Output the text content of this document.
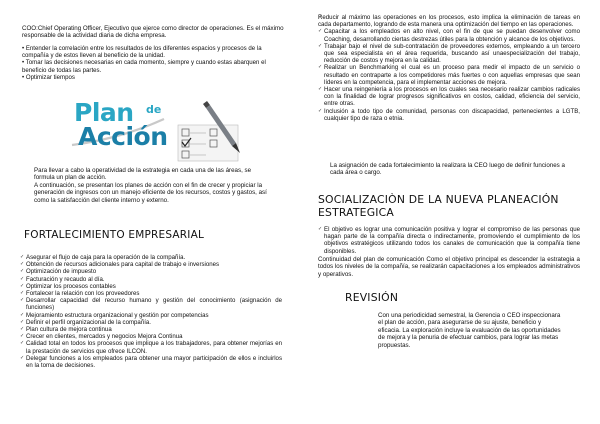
COO:Chief Operating Officer, Ejecutivo que ejerce como director de operaciones. Es el máximo responsable de la actividad diaria de dicha empresa.

• Entender la correlación entre los resultados de los diferentes espacios y procesos de la compañía y de estos lleven al beneficio de la unidad.
• Tomar las decisiones necesarias en cada momento, siempre y cuando estas abarquen el beneficio de todas las partes.
• Optimizar tiempos
Plan de
Acción

Para llevar a cabo la operatividad de la estrategia en cada una de las áreas, se formula un plan de acción.

A continuación, se presentan los planes de acción con el fin de crecer y propiciar la generación de ingresos con un manejo eficiente de los recursos, costos y gastos, así como la satisfacción del cliente interno y externo.

FORTALECIMIENTO EMPRESARIAL
✓ Asegurar el flujo de caja para la operación de la compañía.
✓ Obtención de recursos adicionales para capital de trabajo e inversiones
✓ Optimización de impuesto
✓ Facturación y recaudo al día.
✓ Optimizar los procesos contables
✓ Fortalecer la relación con los proveedores
✓ Desarrollar capacidad del recurso humano y gestión del conocimiento (asignación de funciones)
✓ Mejoramiento estructura organizacional y gestión por competencias
✓ Definir el perfil organizacional de la compañía.
✓ Plan cultura de mejora continua
✓ Crecer en clientes, mercados y negocios Mejora Continua
✓ Calidad total en todos los procesos que implique a los trabajadores, para obtener mejorías en la prestación de servicios que ofrece ILCON.
✓ Delegar funciones a los empleados para obtener una mayor participación de ellos e incluirlos en la toma de decisiones.
✓ Reducir al máximo las operaciones en los procesos, esto implica la eliminación de tareas en cada departamento, logrando de esta manera una optimización del tiempo en las operaciones.
✓ Capacitar a los empleados en alto nivel, con el fin de que se puedan desenvolver como Coaching, desarrollando ciertas destrezas útiles para la obtención y alcance de los objetivos.
✓ Trabajar bajo el nivel de sub-contratación de proveedores externos, empleando a un tercero que sea especialista en el área requerida, buscando así unaespecialización del trabajo, reducción de costos y mejora en la calidad.
✓ Realizar un Benchmarking el cual es un proceso para medir el impacto de un servicio o resultado en contraparte a los competidores más fuertes o con aquellas empresas que sean líderes en la competencia, para el implementar acciones de mejora.
✓ Hacer una reingeniería a los procesos en los cuales sea necesario realizar cambios radicales con la finalidad de lograr progresos significativos en costos, calidad, eficiencia del servicio, entre otras.
✓ Inclusión a todo tipo de comunidad, personas con discapacidad, pertenecientes a LGTB, cualquier tipo de raza o etnia.

La asignación de cada fortalecimiento la realizara la CEO luego de definir funciones a cada área o cargo.

SOCIALIZACIÒN DE LA NUEVA PLANEACIÓN
ESTRATEGICA
✓ El objetivo es lograr una comunicación positiva y lograr el compromiso de las personas que hagan parte de la compañía directa o indirectamente, promoviendo el cumplimiento de los objetivos estratégicos utilizando todos los canales de comunicación que la compañía tiene disponibles.

Continuidad del plan de comunicación Como el objetivo principal es descender la estrategia a todos los niveles de la compañía, se realizarán capacitaciones a los empleados administrativos y operativos.

REVISIÓN

Con una periodicidad semestral, la Gerencia o CEO inspeccionara el plan de acción, para asegurarse de su ajuste, beneficio y eficacia. La exploración incluye la evaluación de las oportunidades de mejora y la penuria de efectuar cambios, para lograr las metas propuestas.
